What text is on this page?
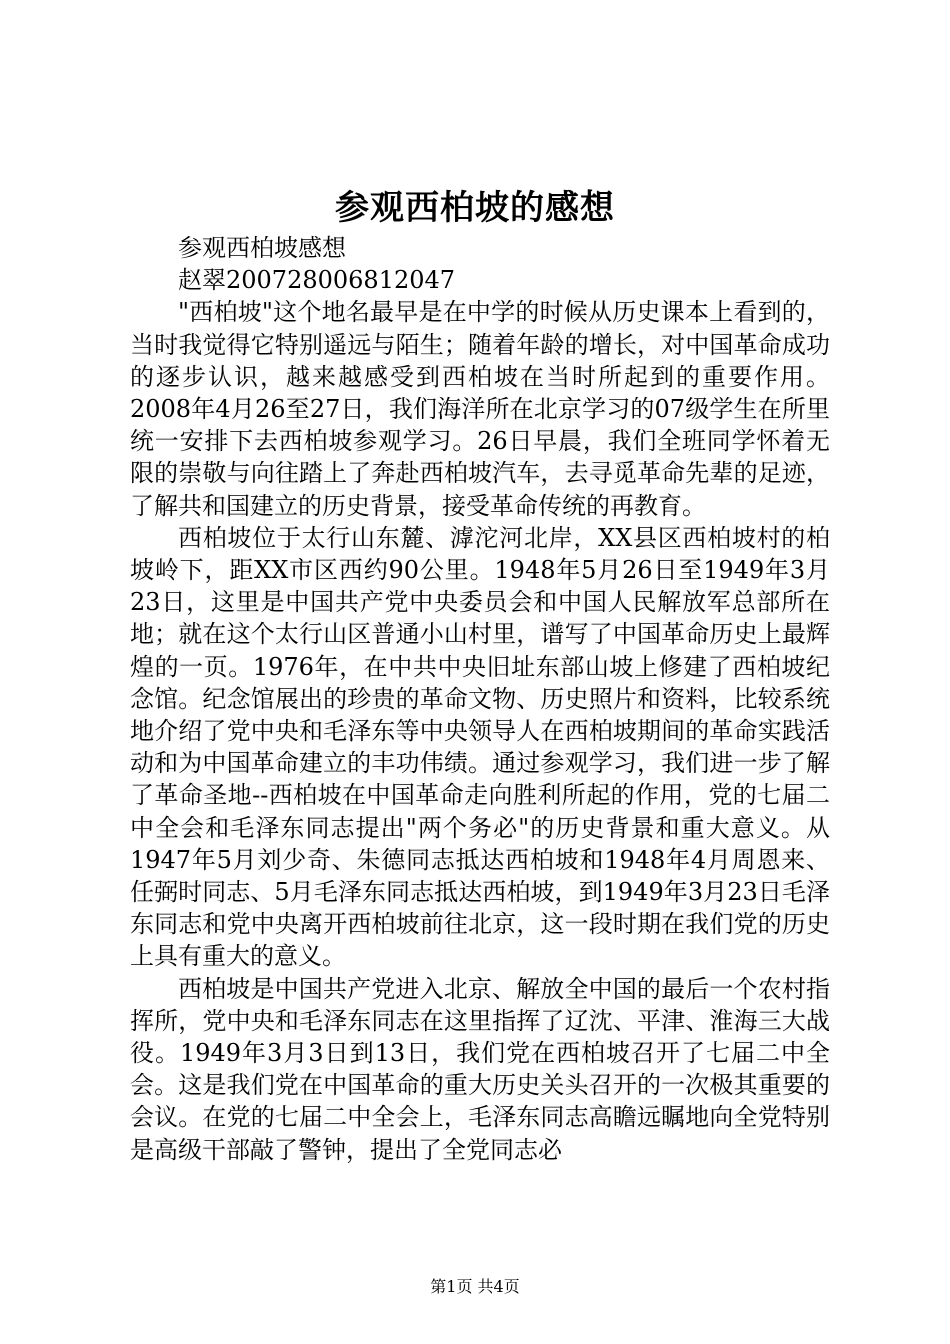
参观西柏坡的感想

参观西柏坡感想

赵翠200728006812047

"西柏坡"这个地名最早是在中学的时候从历史课本上看到的，当时我觉得它特别遥远与陌生；随着年龄的增长，对中国革命成功的逐步认识，越来越感受到西柏坡在当时所起到的重要作用。2008年4月26至27日，我们海洋所在北京学习的07级学生在所里统一安排下去西柏坡参观学习。26日早晨，我们全班同学怀着无限的崇敬与向往踏上了奔赴西柏坡汽车，去寻觅革命先辈的足迹，了解共和国建立的历史背景，接受革命传统的再教育。

西柏坡位于太行山东麓、滹沱河北岸，XX县区西柏坡村的柏坡岭下，距XX市区西约90公里。1948年5月26日至1949年3月23日，这里是中国共产党中央委员会和中国人民解放军总部所在地；就在这个太行山区普通小山村里，谱写了中国革命历史上最辉煌的一页。1976年，在中共中央旧址东部山坡上修建了西柏坡纪念馆。纪念馆展出的珍贵的革命文物、历史照片和资料，比较系统地介绍了党中央和毛泽东等中央领导人在西柏坡期间的革命实践活动和为中国革命建立的丰功伟绩。通过参观学习，我们进一步了解了革命圣地--西柏坡在中国革命走向胜利所起的作用，党的七届二中全会和毛泽东同志提出"两个务必"的历史背景和重大意义。从1947年5月刘少奇、朱德同志抵达西柏坡和1948年4月周恩来、任弼时同志、5月毛泽东同志抵达西柏坡，到1949年3月23日毛泽东同志和党中央离开西柏坡前往北京，这一段时期在我们党的历史上具有重大的意义。

西柏坡是中国共产党进入北京、解放全中国的最后一个农村指挥所，党中央和毛泽东同志在这里指挥了辽沈、平津、淮海三大战役。1949年3月3日到13日，我们党在西柏坡召开了七届二中全会。这是我们党在中国革命的重大历史关头召开的一次极其重要的会议。在党的七届二中全会上，毛泽东同志高瞻远瞩地向全党特别是高级干部敲了警钟，提出了全党同志必

第1页 共4页
